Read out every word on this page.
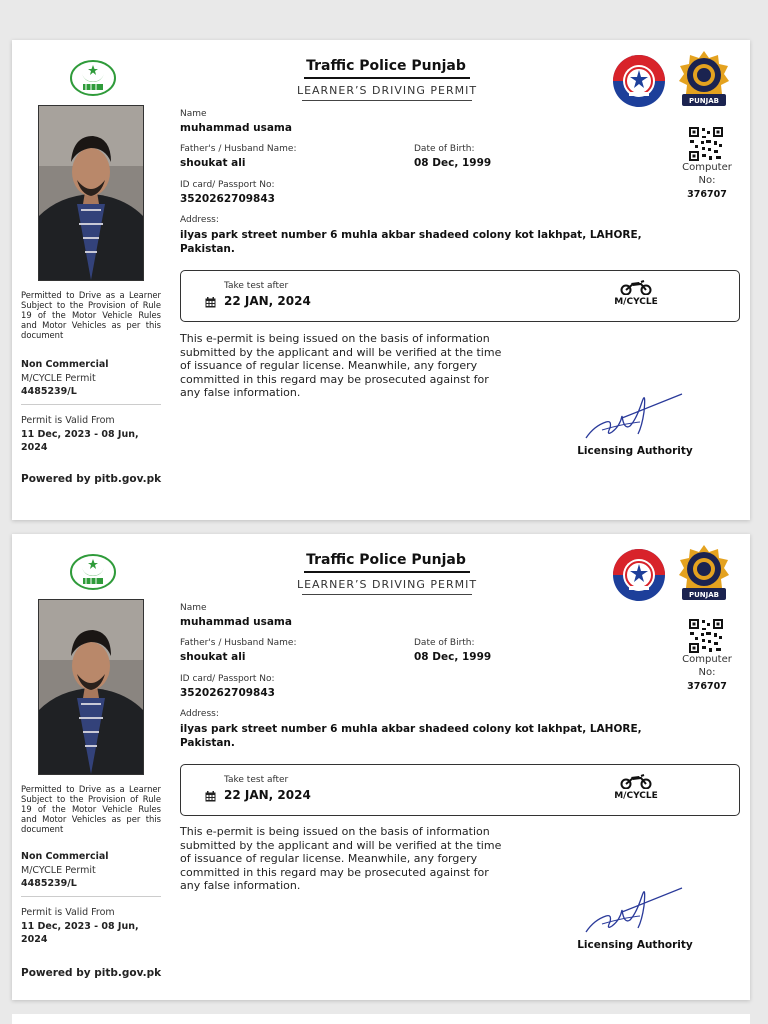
Permitted to Drive as a Learner Subject to the Provision of Rule 19 of the Motor Vehicle Rules and Motor Vehicles as per this document
Non Commercial
M/CYCLE Permit
4485239/L
Permit is Valid From
11 Dec, 2023 - 08 Jun,
2024
Powered by pitb.gov.pk
Traffic Police Punjab
LEARNER’S DRIVING PERMIT
PUNJAB
Name
muhammad usama
Father's / Husband Name:
shoukat ali
Date of Birth:
08 Dec, 1999
ID card/ Passport No:
3520262709843
Address:
ilyas park street number 6 muhla akbar shadeed colony kot lakhpat, LAHORE,
Pakistan.
Computer
No:
376707
Take test after
22 JAN, 2024	M/CYCLE
This e-permit is being issued on the basis of information
submitted by the applicant and will be verified at the time
of issuance of regular license. Meanwhile, any forgery
committed in this regard may be prosecuted against for
any false information.
Licensing Authority
Permitted to Drive as a Learner Subject to the Provision of Rule 19 of the Motor Vehicle Rules and Motor Vehicles as per this document
Non Commercial
M/CYCLE Permit
4485239/L
Permit is Valid From
11 Dec, 2023 - 08 Jun,
2024
Powered by pitb.gov.pk
Traffic Police Punjab
LEARNER’S DRIVING PERMIT
PUNJAB
Name
muhammad usama
Father's / Husband Name:
shoukat ali
Date of Birth:
08 Dec, 1999
ID card/ Passport No:
3520262709843
Address:
ilyas park street number 6 muhla akbar shadeed colony kot lakhpat, LAHORE,
Pakistan.
Computer
No:
376707
Take test after
22 JAN, 2024	M/CYCLE
This e-permit is being issued on the basis of information
submitted by the applicant and will be verified at the time
of issuance of regular license. Meanwhile, any forgery
committed in this regard may be prosecuted against for
any false information.
Licensing Authority
